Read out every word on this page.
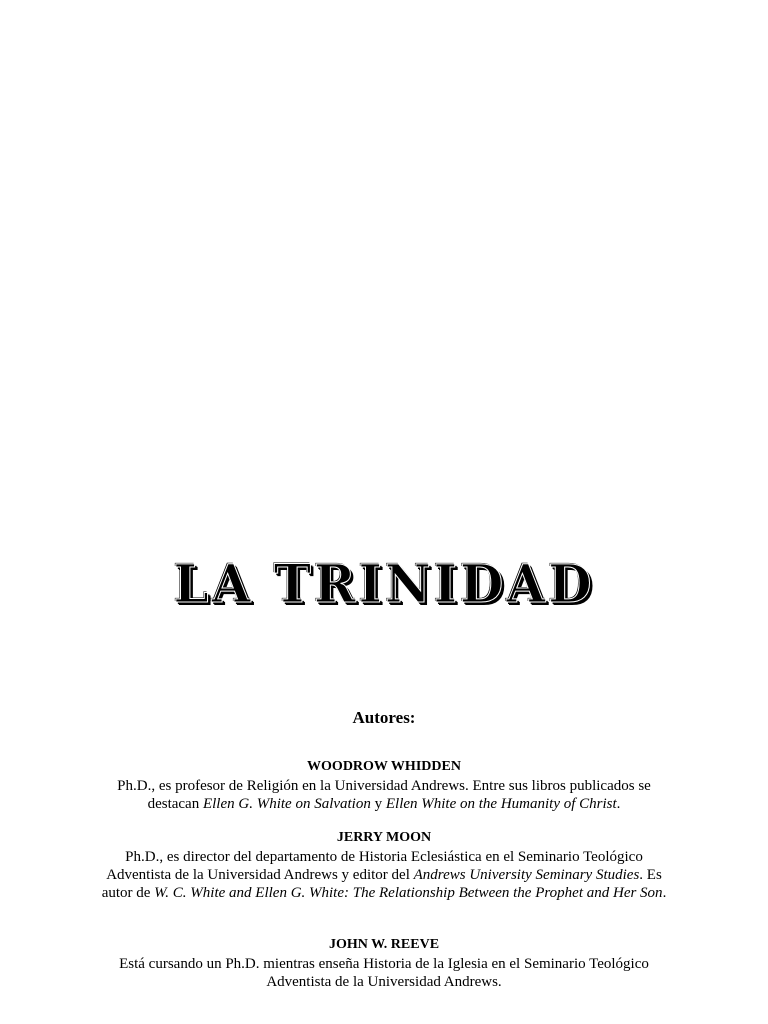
LA TRINIDAD
Autores:
WOODROW WHIDDEN
Ph.D., es profesor de Religión en la Universidad Andrews. Entre sus libros publicados se destacan Ellen G. White on Salvation y Ellen White on the Humanity of Christ.
JERRY MOON
Ph.D., es director del departamento de Historia Eclesiástica en el Seminario Teológico Adventista de la Universidad Andrews y editor del Andrews University Seminary Studies. Es autor de W. C. White and Ellen G. White: The Relationship Between the Prophet and Her Son.
JOHN W. REEVE
Está cursando un Ph.D. mientras enseña Historia de la Iglesia en el Seminario Teológico Adventista de la Universidad Andrews.
